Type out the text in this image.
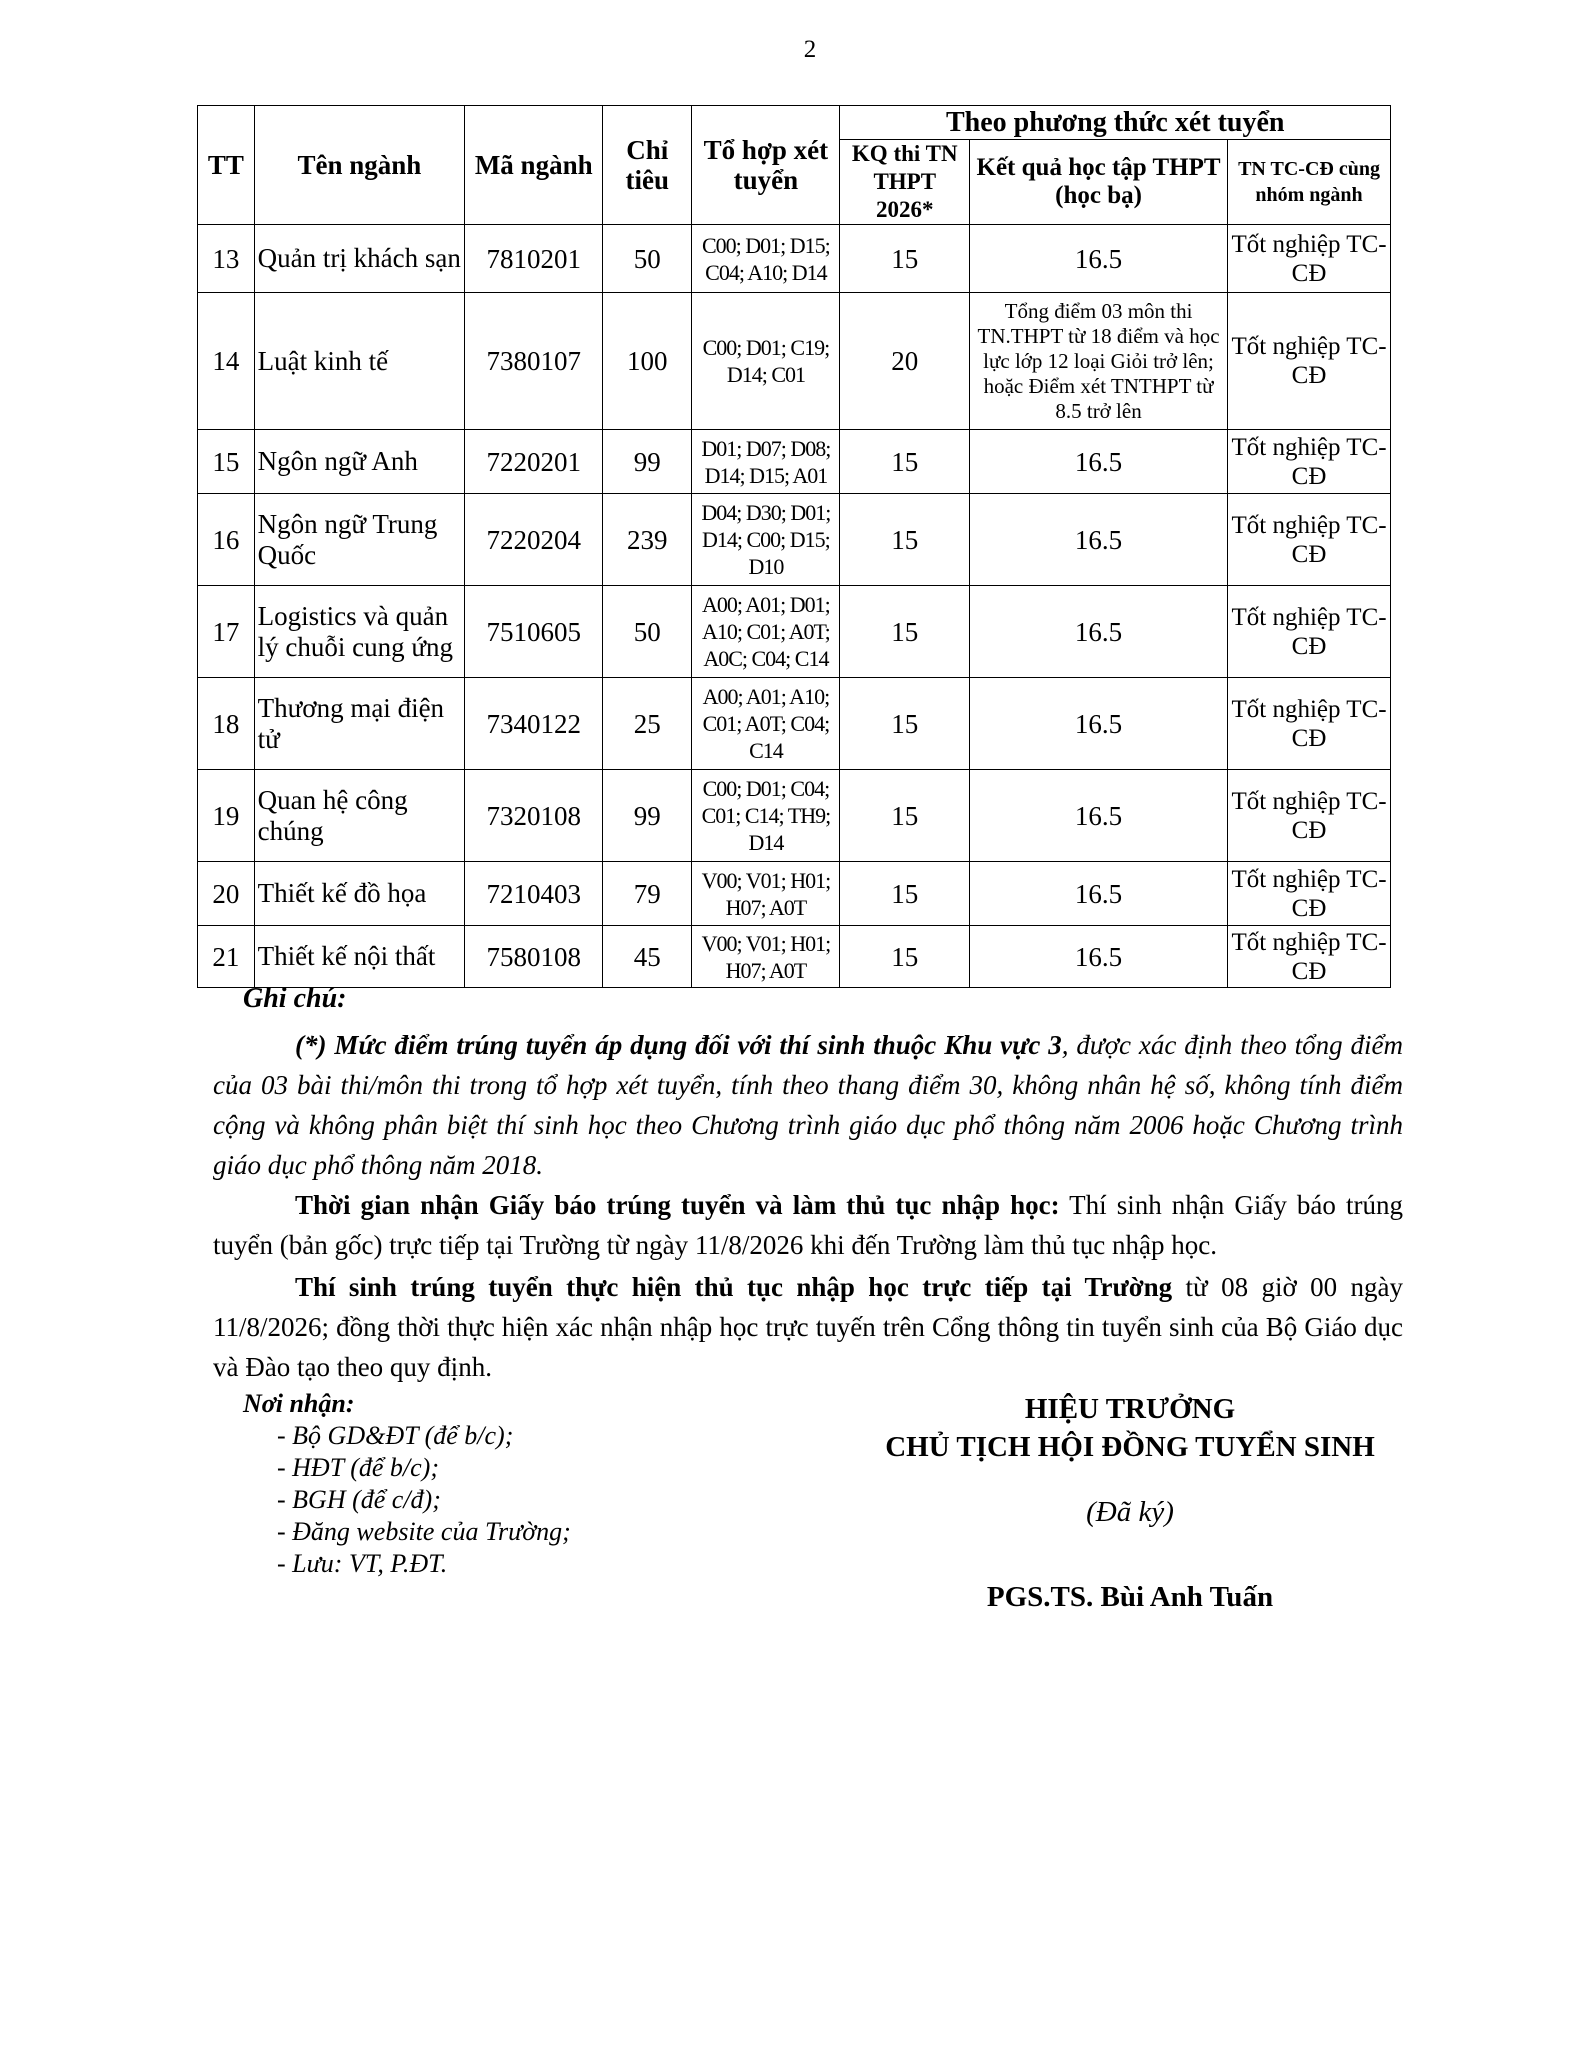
2
TT	Tên ngành	Mã ngành	Chỉ tiêu	Tổ hợp xét tuyển	Theo phương thức xét tuyển		
					KQ thi TN THPT 2026*	Kết quả học tập THPT (học bạ)	TN TC-CĐ cùng nhóm ngành
13	Quản trị khách sạn	7810201	50	C00; D01; D15; C04; A10; D14	15	16.5	Tốt nghiệp TC-CĐ
14	Luật kinh tế	7380107	100	C00; D01; C19; D14; C01	20	Tổng điểm 03 môn thi TN.THPT từ 18 điểm và học lực lớp 12 loại Giỏi trở lên; hoặc Điểm xét TNTHPT từ 8.5 trở lên	Tốt nghiệp TC-CĐ
15	Ngôn ngữ Anh	7220201	99	D01; D07; D08; D14; D15; A01	15	16.5	Tốt nghiệp TC-CĐ
16	Ngôn ngữ Trung Quốc	7220204	239	D04; D30; D01; D14; C00; D15; D10	15	16.5	Tốt nghiệp TC-CĐ
17	Logistics và quản lý chuỗi cung ứng	7510605	50	A00; A01; D01; A10; C01; A0T; A0C; C04; C14	15	16.5	Tốt nghiệp TC-CĐ
18	Thương mại điện tử	7340122	25	A00; A01; A10; C01; A0T; C04; C14	15	16.5	Tốt nghiệp TC-CĐ
19	Quan hệ công chúng	7320108	99	C00; D01; C04; C01; C14; TH9; D14	15	16.5	Tốt nghiệp TC-CĐ
20	Thiết kế đồ họa	7210403	79	V00; V01; H01; H07; A0T	15	16.5	Tốt nghiệp TC-CĐ
21	Thiết kế nội thất	7580108	45	V00; V01; H01; H07; A0T	15	16.5	Tốt nghiệp TC-CĐ
Ghi chú:
(*) Mức điểm trúng tuyển áp dụng đối với thí sinh thuộc Khu vực 3, được xác định theo tổng điểm của 03 bài thi/môn thi trong tổ hợp xét tuyển, tính theo thang điểm 30, không nhân hệ số, không tính điểm cộng và không phân biệt thí sinh học theo Chương trình giáo dục phổ thông năm 2006 hoặc Chương trình giáo dục phổ thông năm 2018.
Thời gian nhận Giấy báo trúng tuyển và làm thủ tục nhập học: Thí sinh nhận Giấy báo trúng tuyển (bản gốc) trực tiếp tại Trường từ ngày 11/8/2026 khi đến Trường làm thủ tục nhập học.
Thí sinh trúng tuyển thực hiện thủ tục nhập học trực tiếp tại Trường từ 08 giờ 00 ngày 11/8/2026; đồng thời thực hiện xác nhận nhập học trực tuyến trên Cổng thông tin tuyển sinh của Bộ Giáo dục và Đào tạo theo quy định.
Nơi nhận:
- Bộ GD&ĐT (để b/c);
- HĐT (để b/c);
- BGH (để c/đ);
- Đăng website của Trường;
- Lưu: VT, P.ĐT.
HIỆU TRƯỞNG
CHỦ TỊCH HỘI ĐỒNG TUYỂN SINH
(Đã ký)
PGS.TS. Bùi Anh Tuấn
